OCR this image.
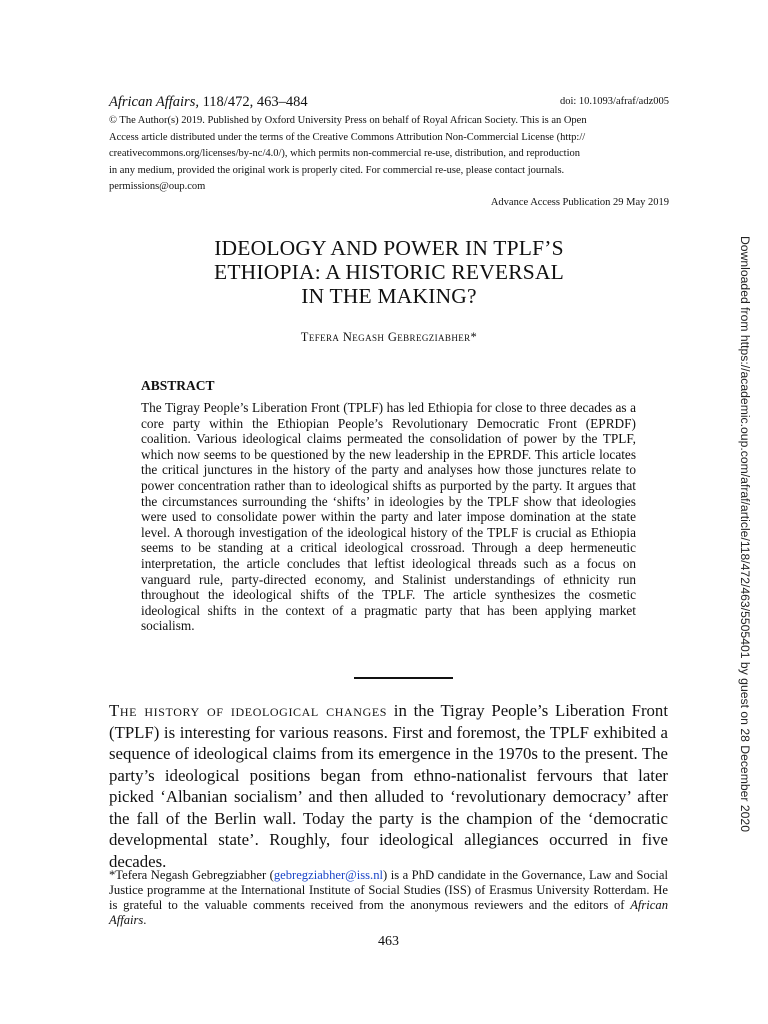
African Affairs, 118/472, 463–484	doi: 10.1093/afraf/adz005
© The Author(s) 2019. Published by Oxford University Press on behalf of Royal African Society. This is an Open
Access article distributed under the terms of the Creative Commons Attribution Non-Commercial License (http://
creativecommons.org/licenses/by-nc/4.0/), which permits non-commercial re-use, distribution, and reproduction
in any medium, provided the original work is properly cited. For commercial re-use, please contact journals.
permissions@oup.com
Advance Access Publication 29 May 2019
IDEOLOGY AND POWER IN TPLF’S
ETHIOPIA: A HISTORIC REVERSAL
IN THE MAKING?
Tefera Negash Gebregziabher*
ABSTRACT
The Tigray People’s Liberation Front (TPLF) has led Ethiopia for close to three decades as a core party within the Ethiopian People’s Revolutionary Democratic Front (EPRDF) coalition. Various ideological claims permeated the consolidation of power by the TPLF, which now seems to be questioned by the new leadership in the EPRDF. This article locates the critical junctures in the history of the party and analyses how those junctures relate to power concentration rather than to ideological shifts as purported by the party. It argues that the circumstances surrounding the ‘shifts’ in ideologies by the TPLF show that ideologies were used to consolidate power within the party and later impose domination at the state level. A thorough investigation of the ideological history of the TPLF is crucial as Ethiopia seems to be standing at a critical ideological crossroad. Through a deep hermeneutic interpretation, the article concludes that leftist ideological threads such as a focus on vanguard rule, party-directed economy, and Stalinist understandings of ethnicity run throughout the ideological shifts of the TPLF. The article synthesizes the cosmetic ideological shifts in the context of a pragmatic party that has been applying market socialism.
The history of ideological changes in the Tigray People’s Liberation Front (TPLF) is interesting for various reasons. First and foremost, the TPLF exhibited a sequence of ideological claims from its emergence in the 1970s to the present. The party’s ideological positions began from ethno-nationalist fervours that later picked ‘Albanian socialism’ and then alluded to ‘revolutionary democracy’ after the fall of the Berlin wall. Today the party is the champion of the ‘democratic developmental state’. Roughly, four ideological allegiances occurred in five decades.
*Tefera Negash Gebregziabher (gebregziabher@iss.nl) is a PhD candidate in the Governance, Law and Social Justice programme at the International Institute of Social Studies (ISS) of Erasmus University Rotterdam. He is grateful to the valuable comments received from the anonymous reviewers and the editors of African Affairs.
463
Downloaded from https://academic.oup.com/afraf/article/118/472/463/5505401 by guest on 28 December 2020
